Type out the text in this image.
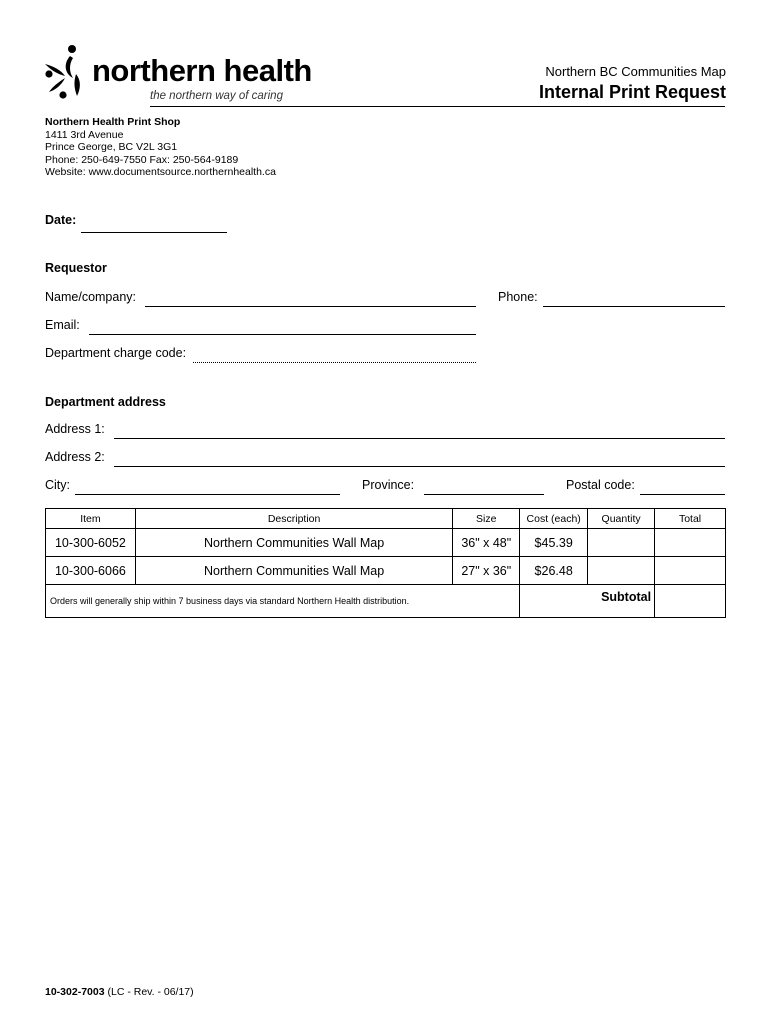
northern health
the northern way of caring
Northern BC Communities Map
Internal Print Request
Northern Health Print Shop
1411 3rd Avenue
Prince George, BC V2L 3G1
Phone: 250-649-7550 Fax: 250-564-9189
Website: www.documentsource.northernhealth.ca
Date:
Requestor
Name/company:	Phone:
Email:
Department charge code:
Department address
Address 1:
Address 2:
City:	Province:	Postal code:
Item	Description	Size	Cost (each)	Quantity	Total
10-300-6052	Northern Communities Wall Map	36" x 48"	$45.39		
10-300-6066	Northern Communities Wall Map	27" x 36"	$26.48		
Orders will generally ship within 7 business days via standard Northern Health distribution.			Subtotal		
10-302-7003 (LC - Rev. - 06/17)
